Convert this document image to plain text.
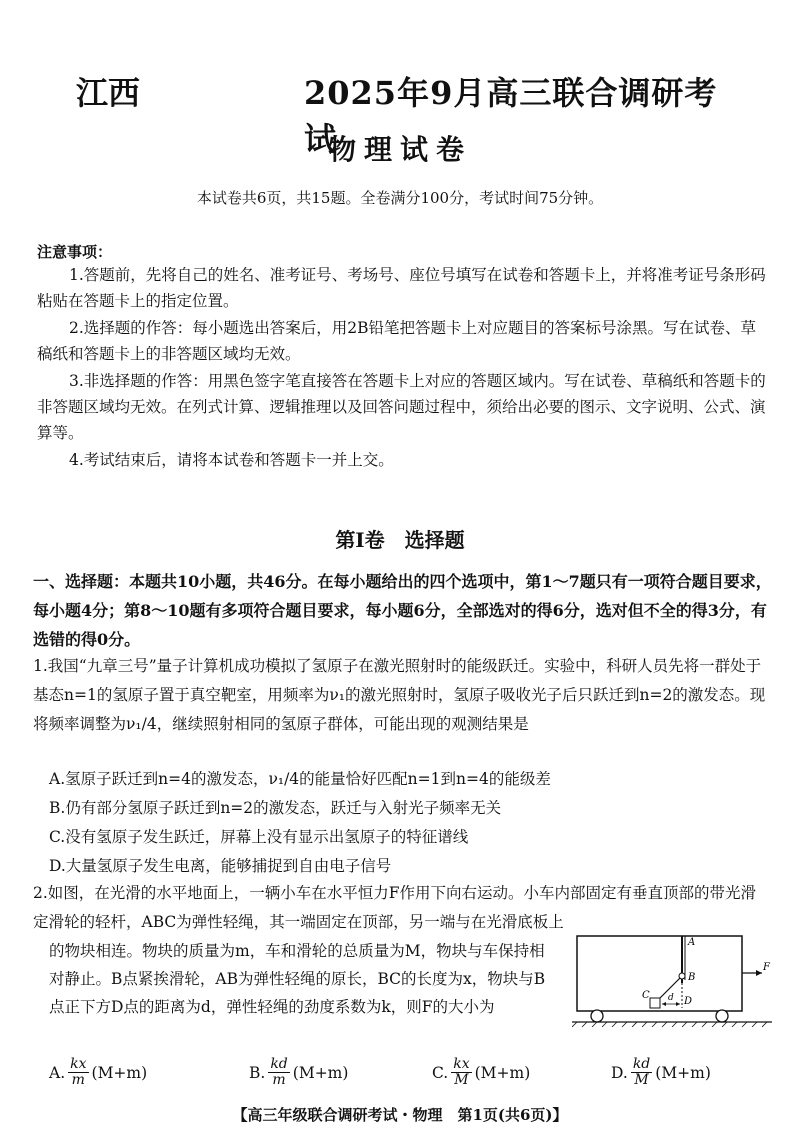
江西	2025年9月高三联合调研考试
物理试卷
本试卷共6页，共15题。全卷满分100分，考试时间75分钟。
注意事项：
1.答题前，先将自己的姓名、准考证号、考场号、座位号填写在试卷和答题卡上，并将准考证号条形码粘贴在答题卡上的指定位置。
2.选择题的作答：每小题选出答案后，用2B铅笔把答题卡上对应题目的答案标号涂黑。写在试卷、草稿纸和答题卡上的非答题区域均无效。
3.非选择题的作答：用黑色签字笔直接答在答题卡上对应的答题区域内。写在试卷、草稿纸和答题卡的非答题区域均无效。在列式计算、逻辑推理以及回答问题过程中，须给出必要的图示、文字说明、公式、演算等。
4.考试结束后，请将本试卷和答题卡一并上交。
第Ⅰ卷　选择题
一、选择题：本题共10小题，共46分。在每小题给出的四个选项中，第1～7题只有一项符合题目要求，每小题4分；第8～10题有多项符合题目要求，每小题6分，全部选对的得6分，选对但不全的得3分，有选错的得0分。
1.我国“九章三号”量子计算机成功模拟了氢原子在激光照射时的能级跃迁。实验中，科研人员先将一群处于基态n=1的氢原子置于真空靶室，用频率为ν₁的激光照射时，氢原子吸收光子后只跃迁到n=2的激发态。现将频率调整为ν₁/4，继续照射相同的氢原子群体，可能出现的观测结果是
A.氢原子跃迁到n=4的激发态，ν₁/4的能量恰好匹配n=1到n=4的能级差
B.仍有部分氢原子跃迁到n=2的激发态，跃迁与入射光子频率无关
C.没有氢原子发生跃迁，屏幕上没有显示出氢原子的特征谱线
D.大量氢原子发生电离，能够捕捉到自由电子信号
2.如图，在光滑的水平地面上，一辆小车在水平恒力F作用下向右运动。小车内部固定有垂直顶部的带光滑定滑轮的轻杆，ABC为弹性轻绳，其一端固定在顶部，另一端与在光滑底板上
的物块相连。物块的质量为m，车和滑轮的总质量为M，物块与车保持相对静止。B点紧挨滑轮，AB为弹性轻绳的原长，BC的长度为x，物块与B点正下方D点的距离为d，弹性轻绳的劲度系数为k，则F的大小为
A
B
C
D
d
F
A. $\frac{kx}{m} (M+m)$	B. $\frac{kd}{m} (M+m)$	C. $\frac{kx}{M} (M+m)$	D. $\frac{kd}{M} (M+m)$
【高三年级联合调研考试・物理　第1页(共6页)】
